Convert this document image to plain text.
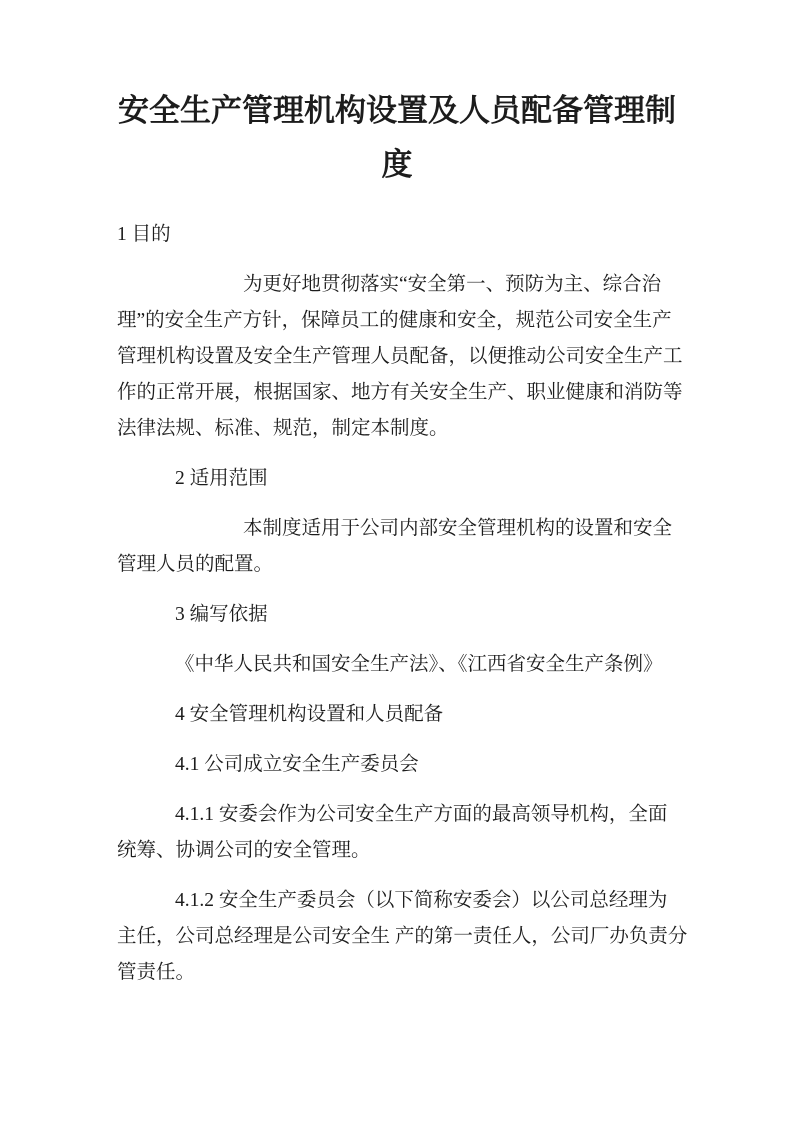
安全生产管理机构设置及人员配备管理制
度
1 目的
为更好地贯彻落实“安全第一、预防为主、综合治
理”的安全生产方针，保障员工的健康和安全，规范公司安全生产
管理机构设置及安全生产管理人员配备，以便推动公司安全生产工
作的正常开展，根据国家、地方有关安全生产、职业健康和消防等
法律法规、标准、规范，制定本制度。
2 适用范围
本制度适用于公司内部安全管理机构的设置和安全
管理人员的配置。
3 编写依据
《中华人民共和国安全生产法》、《江西省安全生产条例》
4 安全管理机构设置和人员配备
4.1 公司成立安全生产委员会
4.1.1 安委会作为公司安全生产方面的最高领导机构，全面
统筹、协调公司的安全管理。
4.1.2 安全生产委员会（以下简称安委会）以公司总经理为
主任，公司总经理是公司安全生 产的第一责任人，公司厂办负责分
管责任。
